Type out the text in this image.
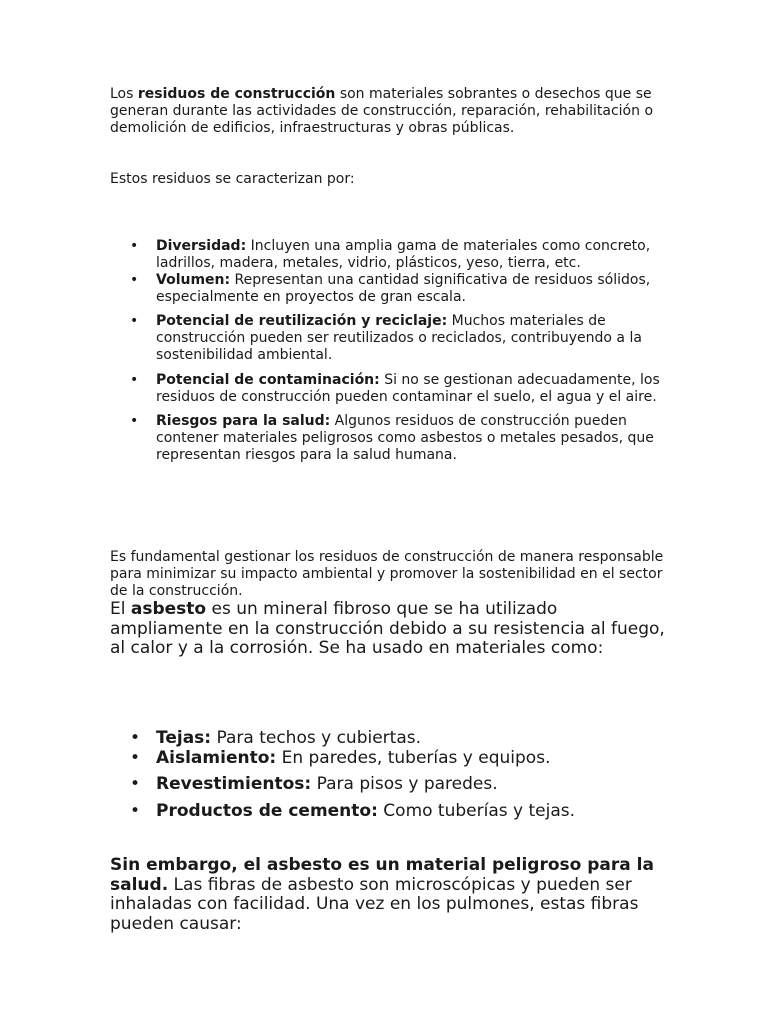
Los residuos de construcción son materiales sobrantes o desechos que se generan durante las actividades de construcción, reparación, rehabilitación o demolición de edificios, infraestructuras y obras públicas.

Estos residuos se caracterizan por:

• Diversidad: Incluyen una amplia gama de materiales como concreto, ladrillos, madera, metales, vidrio, plásticos, yeso, tierra, etc.
• Volumen: Representan una cantidad significativa de residuos sólidos, especialmente en proyectos de gran escala.
• Potencial de reutilización y reciclaje: Muchos materiales de construcción pueden ser reutilizados o reciclados, contribuyendo a la sostenibilidad ambiental.
• Potencial de contaminación: Si no se gestionan adecuadamente, los residuos de construcción pueden contaminar el suelo, el agua y el aire.
• Riesgos para la salud: Algunos residuos de construcción pueden contener materiales peligrosos como asbestos o metales pesados, que representan riesgos para la salud humana.

Es fundamental gestionar los residuos de construcción de manera responsable para minimizar su impacto ambiental y promover la sostenibilidad en el sector de la construcción.

El asbesto es un mineral fibroso que se ha utilizado ampliamente en la construcción debido a su resistencia al fuego, al calor y a la corrosión. Se ha usado en materiales como:

• Tejas: Para techos y cubiertas.
• Aislamiento: En paredes, tuberías y equipos.
• Revestimientos: Para pisos y paredes.
• Productos de cemento: Como tuberías y tejas.

Sin embargo, el asbesto es un material peligroso para la salud. Las fibras de asbesto son microscópicas y pueden ser inhaladas con facilidad. Una vez en los pulmones, estas fibras pueden causar:
